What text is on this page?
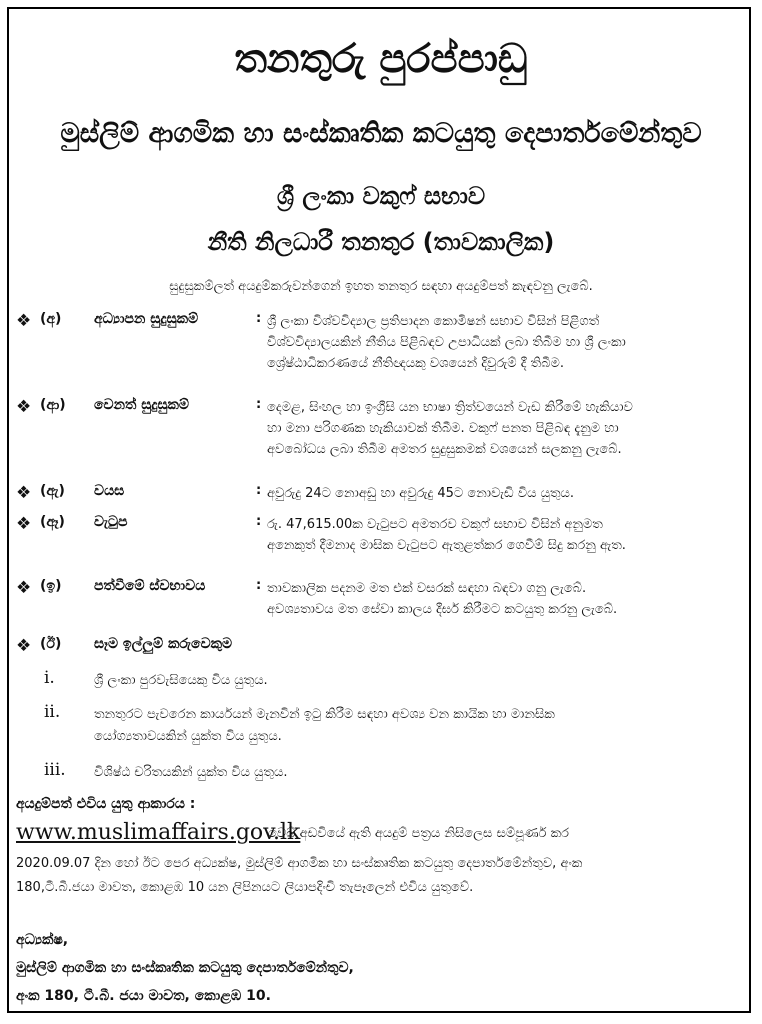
තනතුරු පුරප්පාඩු
මුස්ලිම් ආගමික හා සංස්කෘතික කටයුතු දෙපාර්තමේන්තුව
ශ්‍රී ලංකා වකුෆ් සභාව
නීති නිලධාරී තනතුර (තාවකාලික)
සුදුසුකම්ලත් අයදුම්කරුවන්ගෙන් ඉහත තනතුර සඳහා අයදුම්පත් කැඳවනු ලැබේ.
❖ (අ) අධ්‍යාපන සුදුසුකම්	: ශ්‍රී ලංකා විශ්වවිද්‍යාල ප්‍රතිපාදන කොමිෂන් සභාව විසින් පිළිගත්
විශ්වවිද්‍යාලයකින් නීතිය පිළිබඳව උපාධියක් ලබා තිබීම හා ශ්‍රී ලංකා
ශ්‍රේෂ්ඨාධිකරණයේ නීතිඥයකු වශයෙන් දිවුරුම් දී තිබීම.
❖ (ආ) වෙනත් සුදුසුකම්	: දෙමළ, සිංහල හා ඉංග්‍රීසි යන භාෂා ත්‍රිත්වයෙන් වැඩ කිරීමේ හැකියාව
හා මනා පරිගණක හැකියාවක් තිබීම. වකුෆ් පනත පිළිබඳ දැනුම හා
අවබෝධය ලබා තිබීම අමතර සුදුසුකමක් වශයෙන් සලකනු ලැබේ.
❖ (ඇ) වයස	: අවුරුදු 24ට නොඅඩු හා අවුරුදු 45ට නොවැඩි විය යුතුය.
❖ (ඈ) වැටුප	: රු. 47,615.00ක වැටුපට අමතරව වකුෆ් සභාව විසින් අනුමත
අනෙකුත් දීමනාද මාසික වැටුපට ඇතුළත්කර ගෙවීම් සිදු කරනු ඇත.
❖ (ඉ) පත්වීමේ ස්වභාවය	: තාවකාලික පදනම මත එක් වසරක් සඳහා බඳවා ගනු ලැබේ.
අවශ්‍යතාවය මත සේවා කාලය දීර්ඝ කිරීමට කටයුතු කරනු ලැබේ.
❖ (ඊ) සෑම ඉල්ලුම් කරුවෙකුම
i.	ශ්‍රී ලංකා පුරවැසියෙකු විය යුතුය.
ii.	තනතුරට පැවරෙන කාර්යයන් මැනවින් ඉටු කිරීම සඳහා අවශ්‍ය වන කායික හා මානසික
යෝග්‍යතාවයකින් යුක්ත විය යුතුය.
iii. විශිෂ්ඨ චරිතයකින් යුක්ත විය යුතුය.
අයදුම්පත් එවිය යුතු ආකාරය :
www.muslimaffairs.gov.lk
වෙබ් අඩවියේ ඇති අයදුම් පත්‍රය නිසිලෙස සම්පූර්ණ කර
2020.09.07 දින හෝ ඊට පෙර අධ්‍යක්ෂ, මුස්ලිම් ආගමික හා සංස්කෘතික කටයුතු දෙපාර්තමේන්තුව, අංක
180,ටී.බී.ජයා මාවත, කොළඹ 10 යන ලිපිනයට ලියාපදිංචි තැපෑලෙන් එවිය යුතුවේ.
අධ්‍යක්ෂ,
මුස්ලිම් ආගමික හා සංස්කෘතික කටයුතු දෙපාර්තමේන්තුව,
අංක 180, ටී.බී. ජයා මාවත, කොළඹ 10.
